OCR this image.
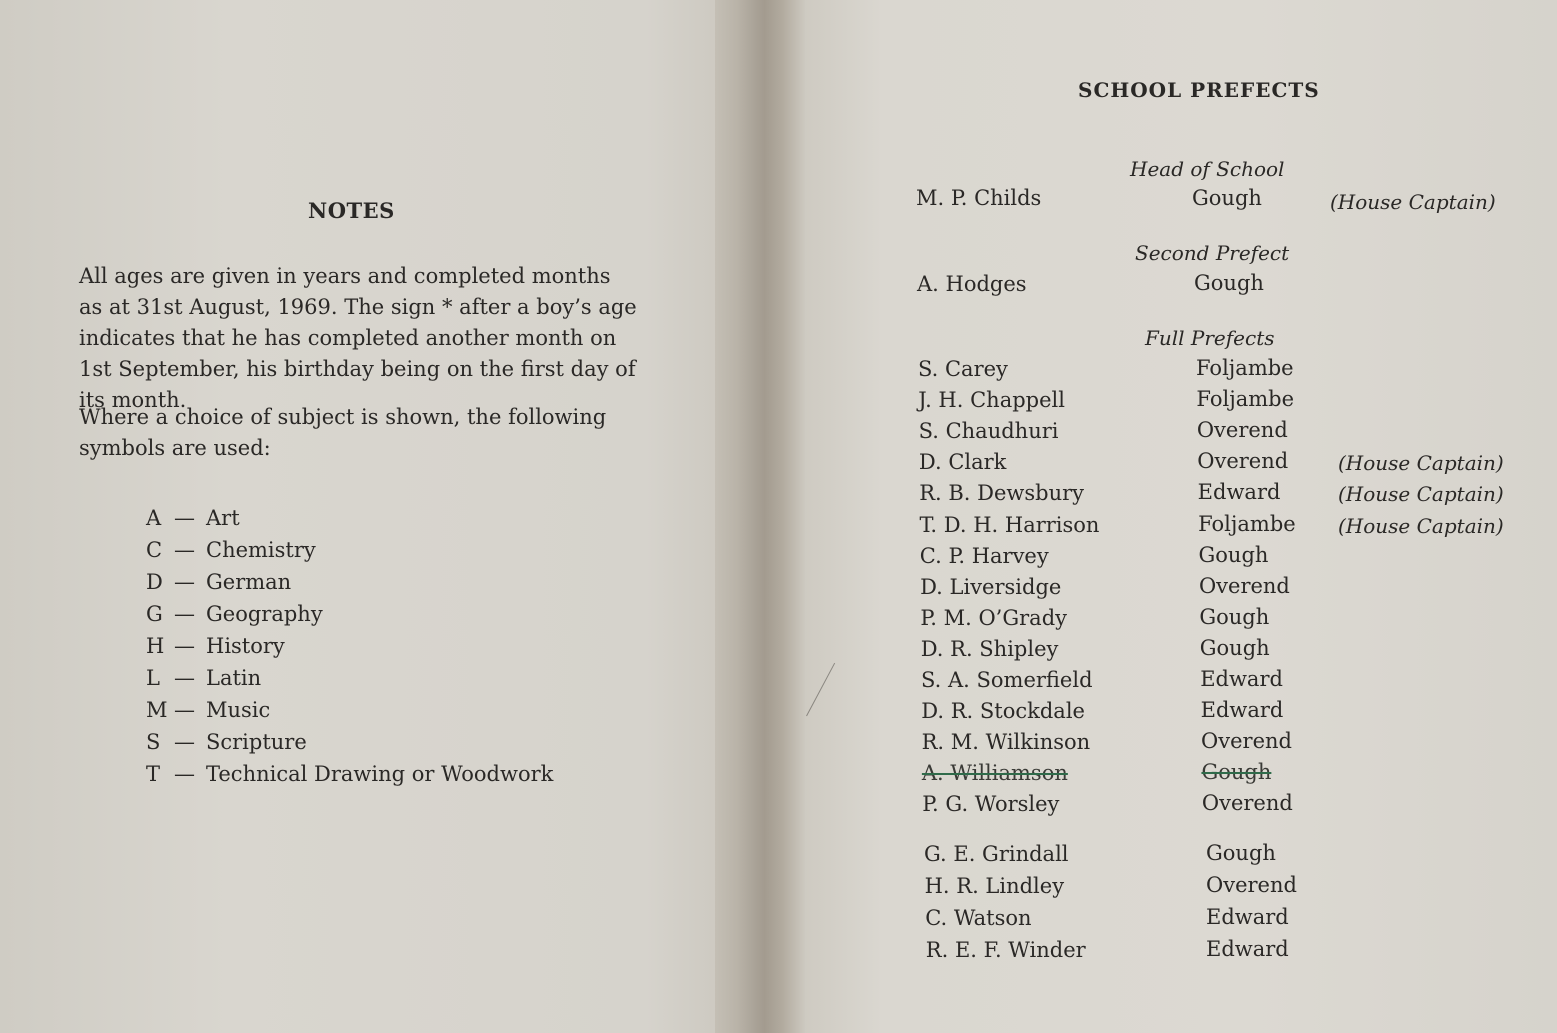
NOTES
All ages are given in years and completed months as at 31st August, 1969. The sign * after a boy’s age indicates that he has completed another month on 1st September, his birthday being on the first day of its month.
Where a choice of subject is shown, the following symbols are used:
A — Art
C — Chemistry
D — German
G — Geography
H — History
L — Latin
M — Music
S — Scripture
T — Technical Drawing or Woodwork
SCHOOL PREFECTS
Head of School
M. P. Childs	Gough	(House Captain)
Second Prefect
A. Hodges	Gough
Full Prefects
S. Carey	Foljambe
J. H. Chappell	Foljambe
S. Chaudhuri	Overend
D. Clark	Overend (House Captain)
R. B. Dewsbury	Edward	(House Captain)
T. D. H. Harrison	Foljambe (House Captain)
C. P. Harvey	Gough
D. Liversidge	Overend
P. M. O’Grady	Gough
D. R. Shipley	Gough
S. A. Somerfield	Edward
D. R. Stockdale	Edward
R. M. Wilkinson	Overend
A. Williamson	Gough
P. G. Worsley	Overend
G. E. Grindall	Gough
H. R. Lindley	Overend
C. Watson	Edward
R. E. F. Winder	Edward
